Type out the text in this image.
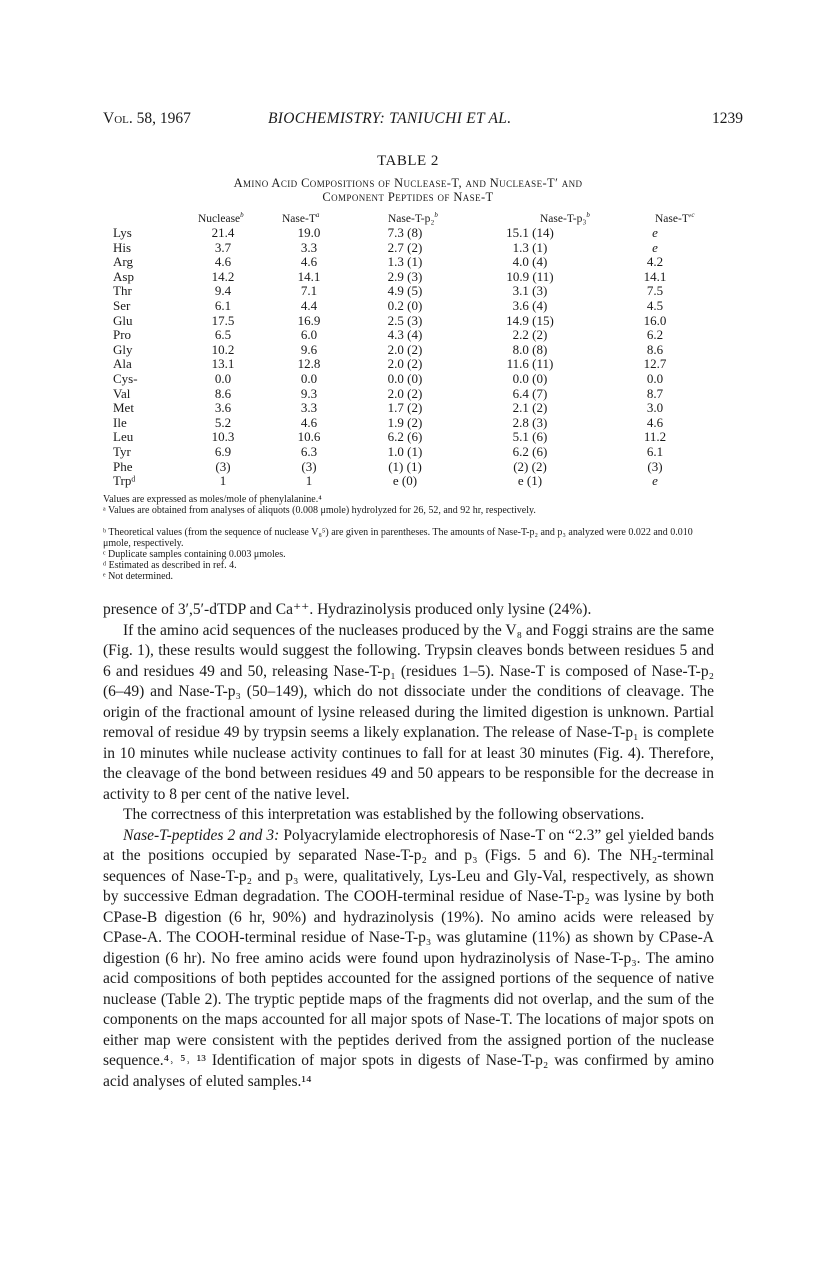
Vol. 58, 1967	BIOCHEMISTRY: TANIUCHI ET AL.	1239
TABLE 2
Amino Acid Compositions of Nuclease-T, and Nuclease-T′ and
Component Peptides of Nase-T
Nuclease$^b$	Nase-$T^a$	Nase-T-p₂$^b$	Nase-T-p₃$^b$	Nase-$T'^c$
Lys	21.4	19.0	7.3 (8)	15.1 (14)	e
His	3.7	3.3	2.7 (2)	1.3 (1)	e
Arg	4.6	4.6	1.3 (1)	4.0 (4)	4.2
Asp	14.2	14.1	2.9 (3)	10.9 (11)	14.1
Thr	9.4	7.1	4.9 (5)	3.1 (3)	7.5
Ser	6.1	4.4	0.2 (0)	3.6 (4)	4.5
Glu	17.5	16.9	2.5 (3)	14.9 (15)	16.0
Pro	6.5	6.0	4.3 (4)	2.2 (2)	6.2
Gly	10.2	9.6	2.0 (2)	8.0 (8)	8.6
Ala	13.1	12.8	2.0 (2)	11.6 (11)	12.7
Cys-	0.0	0.0	0.0 (0)	0.0 (0)	0.0
Val	8.6	9.3	2.0 (2)	6.4 (7)	8.7
Met	3.6	3.3	1.7 (2)	2.1 (2)	3.0
Ile	5.2	4.6	1.9 (2)	2.8 (3)	4.6
Leu	10.3	10.6	6.2 (6)	5.1 (6)	11.2
Tyr	6.9	6.3	1.0 (1)	6.2 (6)	6.1
Phe	(3)	(3)	(1) (1)	(2) (2)	(3)
Trpᵈ	1	1	e (0)	e (1)	e
Values are expressed as moles/mole of phenylalanine.⁴
ᵃ Values are obtained from analyses of aliquots (0.008 μmole) hydrolyzed for 26, 52, and 92 hr, respectively.
ᵇ Theoretical values (from the sequence of nuclease V₈⁵) are given in parentheses. The amounts of Nase-T-p₂ and p₃ analyzed were 0.022 and 0.010 μmole, respectively.
ᶜ Duplicate samples containing 0.003 μmoles.
ᵈ Estimated as described in ref. 4.
ᵉ Not determined.

presence of 3′,5′-dTDP and Ca⁺⁺. Hydrazinolysis produced only lysine (24%).

If the amino acid sequences of the nucleases produced by the V₈ and Foggi strains are the same (Fig. 1), these results would suggest the following. Trypsin cleaves bonds between residues 5 and 6 and residues 49 and 50, releasing Nase-T-p₁ (residues 1–5). Nase-T is composed of Nase-T-p₂ (6–49) and Nase-T-p₃ (50–149), which do not dissociate under the conditions of cleavage. The origin of the fractional amount of lysine released during the limited digestion is unknown. Partial removal of residue 49 by trypsin seems a likely explanation. The release of Nase-T-p₁ is complete in 10 minutes while nuclease activity continues to fall for at least 30 minutes (Fig. 4). Therefore, the cleavage of the bond between residues 49 and 50 appears to be responsible for the decrease in activity to 8 per cent of the native level.

The correctness of this interpretation was established by the following observations.

Nase-T-peptides 2 and 3: Polyacrylamide electrophoresis of Nase-T on “2.3” gel yielded bands at the positions occupied by separated Nase-T-p₂ and p₃ (Figs. 5 and 6). The NH₂-terminal sequences of Nase-T-p₂ and p₃ were, qualitatively, Lys-Leu and Gly-Val, respectively, as shown by successive Edman degradation. The COOH-terminal residue of Nase-T-p₂ was lysine by both CPase-B digestion (6 hr, 90%) and hydrazinolysis (19%). No amino acids were released by CPase-A. The COOH-terminal residue of Nase-T-p₃ was glutamine (11%) as shown by CPase-A digestion (6 hr). No free amino acids were found upon hydrazinolysis of Nase-T-p₃. The amino acid compositions of both peptides accounted for the assigned portions of the sequence of native nuclease (Table 2). The tryptic peptide maps of the fragments did not overlap, and the sum of the components on the maps accounted for all major spots of Nase-T. The locations of major spots on either map were consistent with the peptides derived from the assigned portion of the nuclease sequence.⁴˒ ⁵˒ ¹³ Identification of major spots in digests of Nase-T-p₂ was confirmed by amino acid analyses of eluted samples.¹⁴
